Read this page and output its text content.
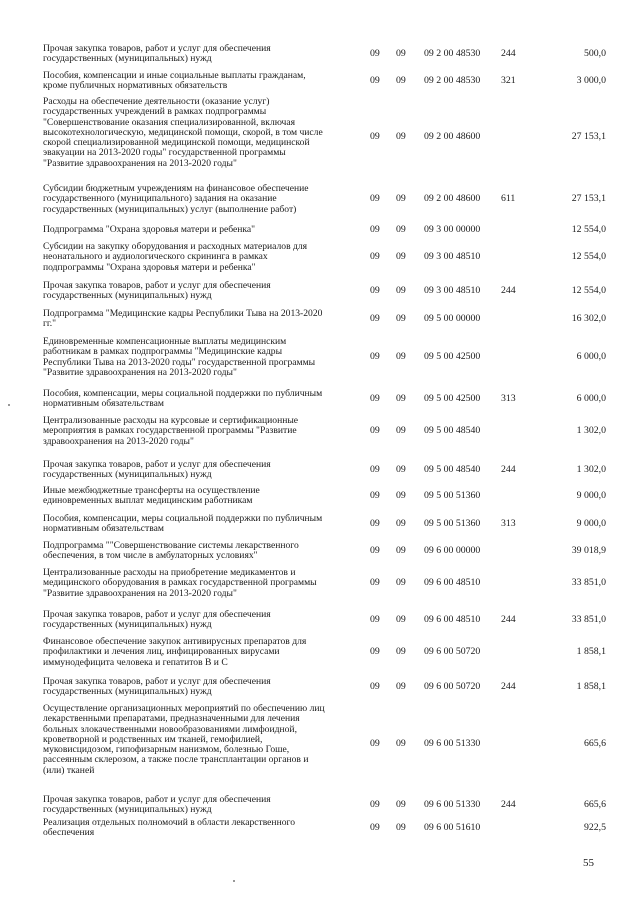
Прочая закупка товаров, работ и услуг для обеспечения
государственных (муниципальных) нужд	09	09	09 2 00 48530	244	500,0
Пособия, компенсации и иные социальные выплаты гражданам,
кроме публичных нормативных обязательств	09	09	09 2 00 48530	321	3 000,0
Расходы на обеспечение деятельности (оказание услуг)
государственных учреждений в рамках подпрограммы
"Совершенствование оказания специализированной, включая
высокотехнологическую, медицинской помощи, скорой, в том числе
скорой специализированной медицинской помощи, медицинской
эвакуации на 2013-2020 годы" государственной программы
"Развитие здравоохранения на 2013-2020 годы"
09	09	09 2 00 48600	27 153,1
Субсидии бюджетным учреждениям на финансовое обеспечение
государственного (муниципального) задания на оказание
государственных (муниципальных) услуг (выполнение работ)
09	09	09 2 00 48600	611	27 153,1
Подпрограмма "Охрана здоровья матери и ребенка"	09	09	09 3 00 00000	12 554,0
Субсидии на закупку оборудования и расходных материалов для
неонатального и аудиологического скрининга в рамках
подпрограммы "Охрана здоровья матери и ребенка"
09	09	09 3 00 48510	12 554,0
Прочая закупка товаров, работ и услуг для обеспечения
государственных (муниципальных) нужд	09	09	09 3 00 48510	244	12 554,0
Подпрограмма "Медицинские кадры Республики Тыва на 2013-2020
гг."	09	09	09 5 00 00000	16 302,0
Единовременные компенсационные выплаты медицинским
работникам в рамках подпрограммы "Медицинские кадры
Республики Тыва на 2013-2020 годы" государственной программы
"Развитие здравоохранения на 2013-2020 годы"
09	09	09 5 00 42500	6 000,0
Пособия, компенсации, меры социальной поддержки по публичным
нормативным обязательствам	09	09	09 5 00 42500	313	6 000,0
Централизованные расходы на курсовые и сертификационные
мероприятия в рамках государственной программы "Развитие
здравоохранения на 2013-2020 годы"
09	09	09 5 00 48540	1 302,0
Прочая закупка товаров, работ и услуг для обеспечения
государственных (муниципальных) нужд	09	09	09 5 00 48540	244	1 302,0
Иные межбюджетные трансферты на осуществление
единовременных выплат медицинским работникам	09	09	09 5 00 51360	9 000,0
Пособия, компенсации, меры социальной поддержки по публичным
нормативным обязательствам	09	09	09 5 00 51360	313	9 000,0
Подпрограмма ""Совершенствование системы лекарственного
обеспечения, в том числе в амбулаторных условиях"	09	09	09 6 00 00000	39 018,9
Централизованные расходы на приобретение медикаментов и
медицинского оборудования в рамках государственной программы
"Развитие здравоохранения на 2013-2020 годы"
09	09	09 6 00 48510	33 851,0
Прочая закупка товаров, работ и услуг для обеспечения
государственных (муниципальных) нужд	09	09	09 6 00 48510	244	33 851,0
Финансовое обеспечение закупок антивирусных препаратов для
профилактики и лечения лиц, инфицированных вирусами
иммунодефицита человека и гепатитов В и С
09	09	09 6 00 50720	1 858,1
Прочая закупка товаров, работ и услуг для обеспечения
государственных (муниципальных) нужд	09	09	09 6 00 50720	244	1 858,1
Осуществление организационных мероприятий по обеспечению лиц
лекарственными препаратами, предназначенными для лечения
больных злокачественными новообразованиями лимфоидной,
кроветворной и родственных им тканей, гемофилией,
муковисцидозом, гипофизарным нанизмом, болезнью Гоше,
рассеянным склерозом, а также после трансплантации органов и
(или) тканей
09	09	09 6 00 51330	665,6
Прочая закупка товаров, работ и услуг для обеспечения
государственных (муниципальных) нужд	09	09	09 6 00 51330	244	665,6
Реализация отдельных полномочий в области лекарственного
обеспечения	09	09	09 6 00 51610	922,5
55
